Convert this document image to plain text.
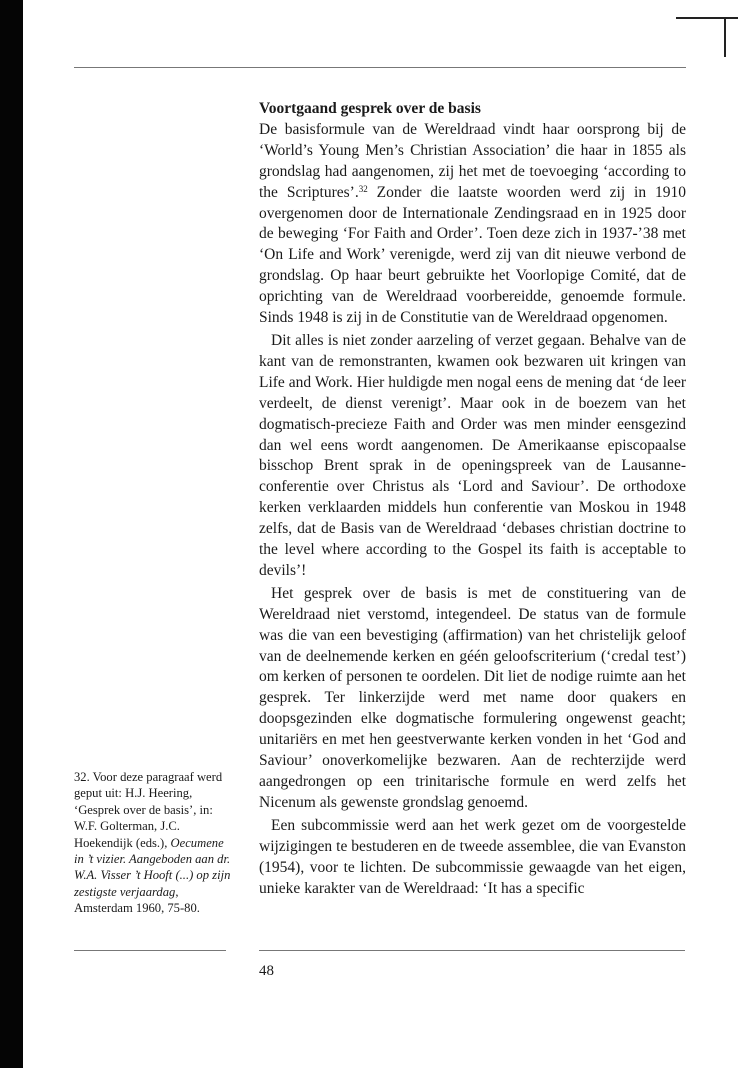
Voortgaand gesprek over de basis

De basisformule van de Wereldraad vindt haar oorsprong bij de ‘World’s Young Men’s Christian Association’ die haar in 1855 als grondslag had aangenomen, zij het met de toevoeging ‘according to the Scriptures’.$^{32}$ Zonder die laatste woorden werd zij in 1910 overgenomen door de Internationale Zendingsraad en in 1925 door de beweging ‘For Faith and Order’. Toen deze zich in 1937-’38 met ‘On Life and Work’ verenigde, werd zij van dit nieuwe verbond de grondslag. Op haar beurt gebruikte het Voorlopige Comité, dat de oprichting van de Wereldraad voorbereidde, genoemde formule. Sinds 1948 is zij in de Constitutie van de Wereldraad opgenomen.

Dit alles is niet zonder aarzeling of verzet gegaan. Behalve van de kant van de remonstranten, kwamen ook bezwaren uit kringen van Life and Work. Hier huldigde men nogal eens de mening dat ‘de leer verdeelt, de dienst verenigt’. Maar ook in de boezem van het dogmatisch-precieze Faith and Order was men minder eensgezind dan wel eens wordt aangenomen. De Amerikaanse episcopaalse bisschop Brent sprak in de openingspreek van de Lausanne-conferentie over Christus als ‘Lord and Saviour’. De orthodoxe kerken verklaarden middels hun conferentie van Moskou in 1948 zelfs, dat de Basis van de Wereldraad ‘debases christian doctrine to the level where according to the Gospel its faith is acceptable to devils’!

Het gesprek over de basis is met de constituering van de Wereldraad niet verstomd, integendeel. De status van de formule was die van een bevestiging (affirmation) van het christelijk geloof van de deelnemende kerken en géén geloofscriterium (‘credal test’) om kerken of personen te oordelen. Dit liet de nodige ruimte aan het gesprek. Ter linkerzijde werd met name door quakers en doopsgezinden elke dogmatische formulering ongewenst geacht; unitariërs en met hen geestverwante kerken vonden in het ‘God and Saviour’ onoverkomelijke bezwaren. Aan de rechterzijde werd aangedrongen op een trinitarische formule en werd zelfs het Nicenum als gewenste grondslag genoemd.

Een subcommissie werd aan het werk gezet om de voorgestelde wijzigingen te bestuderen en de tweede assemblee, die van Evanston (1954), voor te lichten. De subcommissie gewaagde van het eigen, unieke karakter van de Wereldraad: ‘It has a specific

32. Voor deze paragraaf werd geput uit: H.J. Heering, ‘Gesprek over de basis’, in: W.F. Golterman, J.C. Hoekendijk (eds.), Oecumene in ’t vizier. Aangeboden aan dr. W.A. Visser ’t Hooft (...) op zijn zestigste verjaardag, Amsterdam 1960, 75-80.
48
